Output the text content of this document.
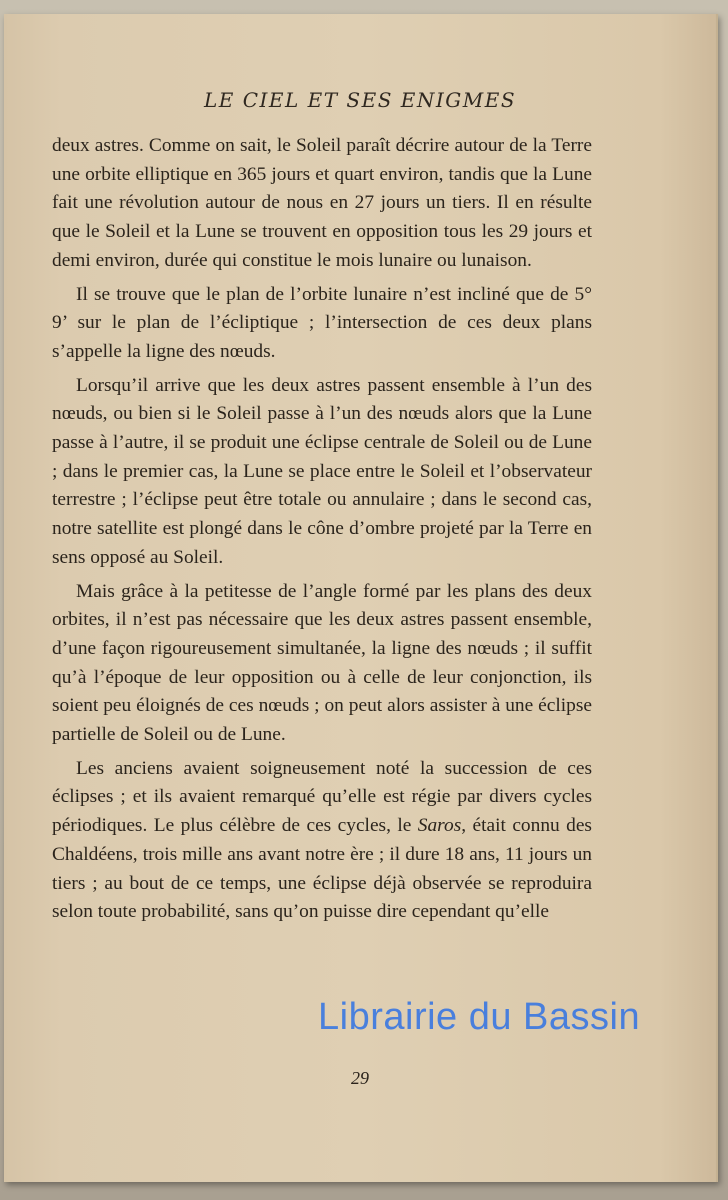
LE CIEL ET SES ENIGMES

deux astres. Comme on sait, le Soleil paraît décrire autour de la Terre une orbite elliptique en 365 jours et quart environ, tandis que la Lune fait une révolution autour de nous en 27 jours un tiers. Il en résulte que le Soleil et la Lune se trouvent en opposition tous les 29 jours et demi environ, durée qui constitue le mois lunaire ou lunaison.

Il se trouve que le plan de l’orbite lunaire n’est incliné que de 5° 9’ sur le plan de l’écliptique ; l’intersection de ces deux plans s’appelle la ligne des nœuds.

Lorsqu’il arrive que les deux astres passent ensemble à l’un des nœuds, ou bien si le Soleil passe à l’un des nœuds alors que la Lune passe à l’autre, il se produit une éclipse centrale de Soleil ou de Lune ; dans le premier cas, la Lune se place entre le Soleil et l’observateur terrestre ; l’éclipse peut être totale ou annulaire ; dans le second cas, notre satellite est plongé dans le cône d’ombre projeté par la Terre en sens opposé au Soleil.

Mais grâce à la petitesse de l’angle formé par les plans des deux orbites, il n’est pas nécessaire que les deux astres passent ensemble, d’une façon rigoureusement simultanée, la ligne des nœuds ; il suffit qu’à l’époque de leur opposition ou à celle de leur conjonction, ils soient peu éloignés de ces nœuds ; on peut alors assister à une éclipse partielle de Soleil ou de Lune.

Les anciens avaient soigneusement noté la succession de ces éclipses ; et ils avaient remarqué qu’elle est régie par divers cycles périodiques. Le plus célèbre de ces cycles, le Saros, était connu des Chaldéens, trois mille ans avant notre ère ; il dure 18 ans, 11 jours un tiers ; au bout de ce temps, une éclipse déjà observée se reproduira selon toute probabilité, sans qu’on puisse dire cependant qu’elle

29
Librairie du Bassin
